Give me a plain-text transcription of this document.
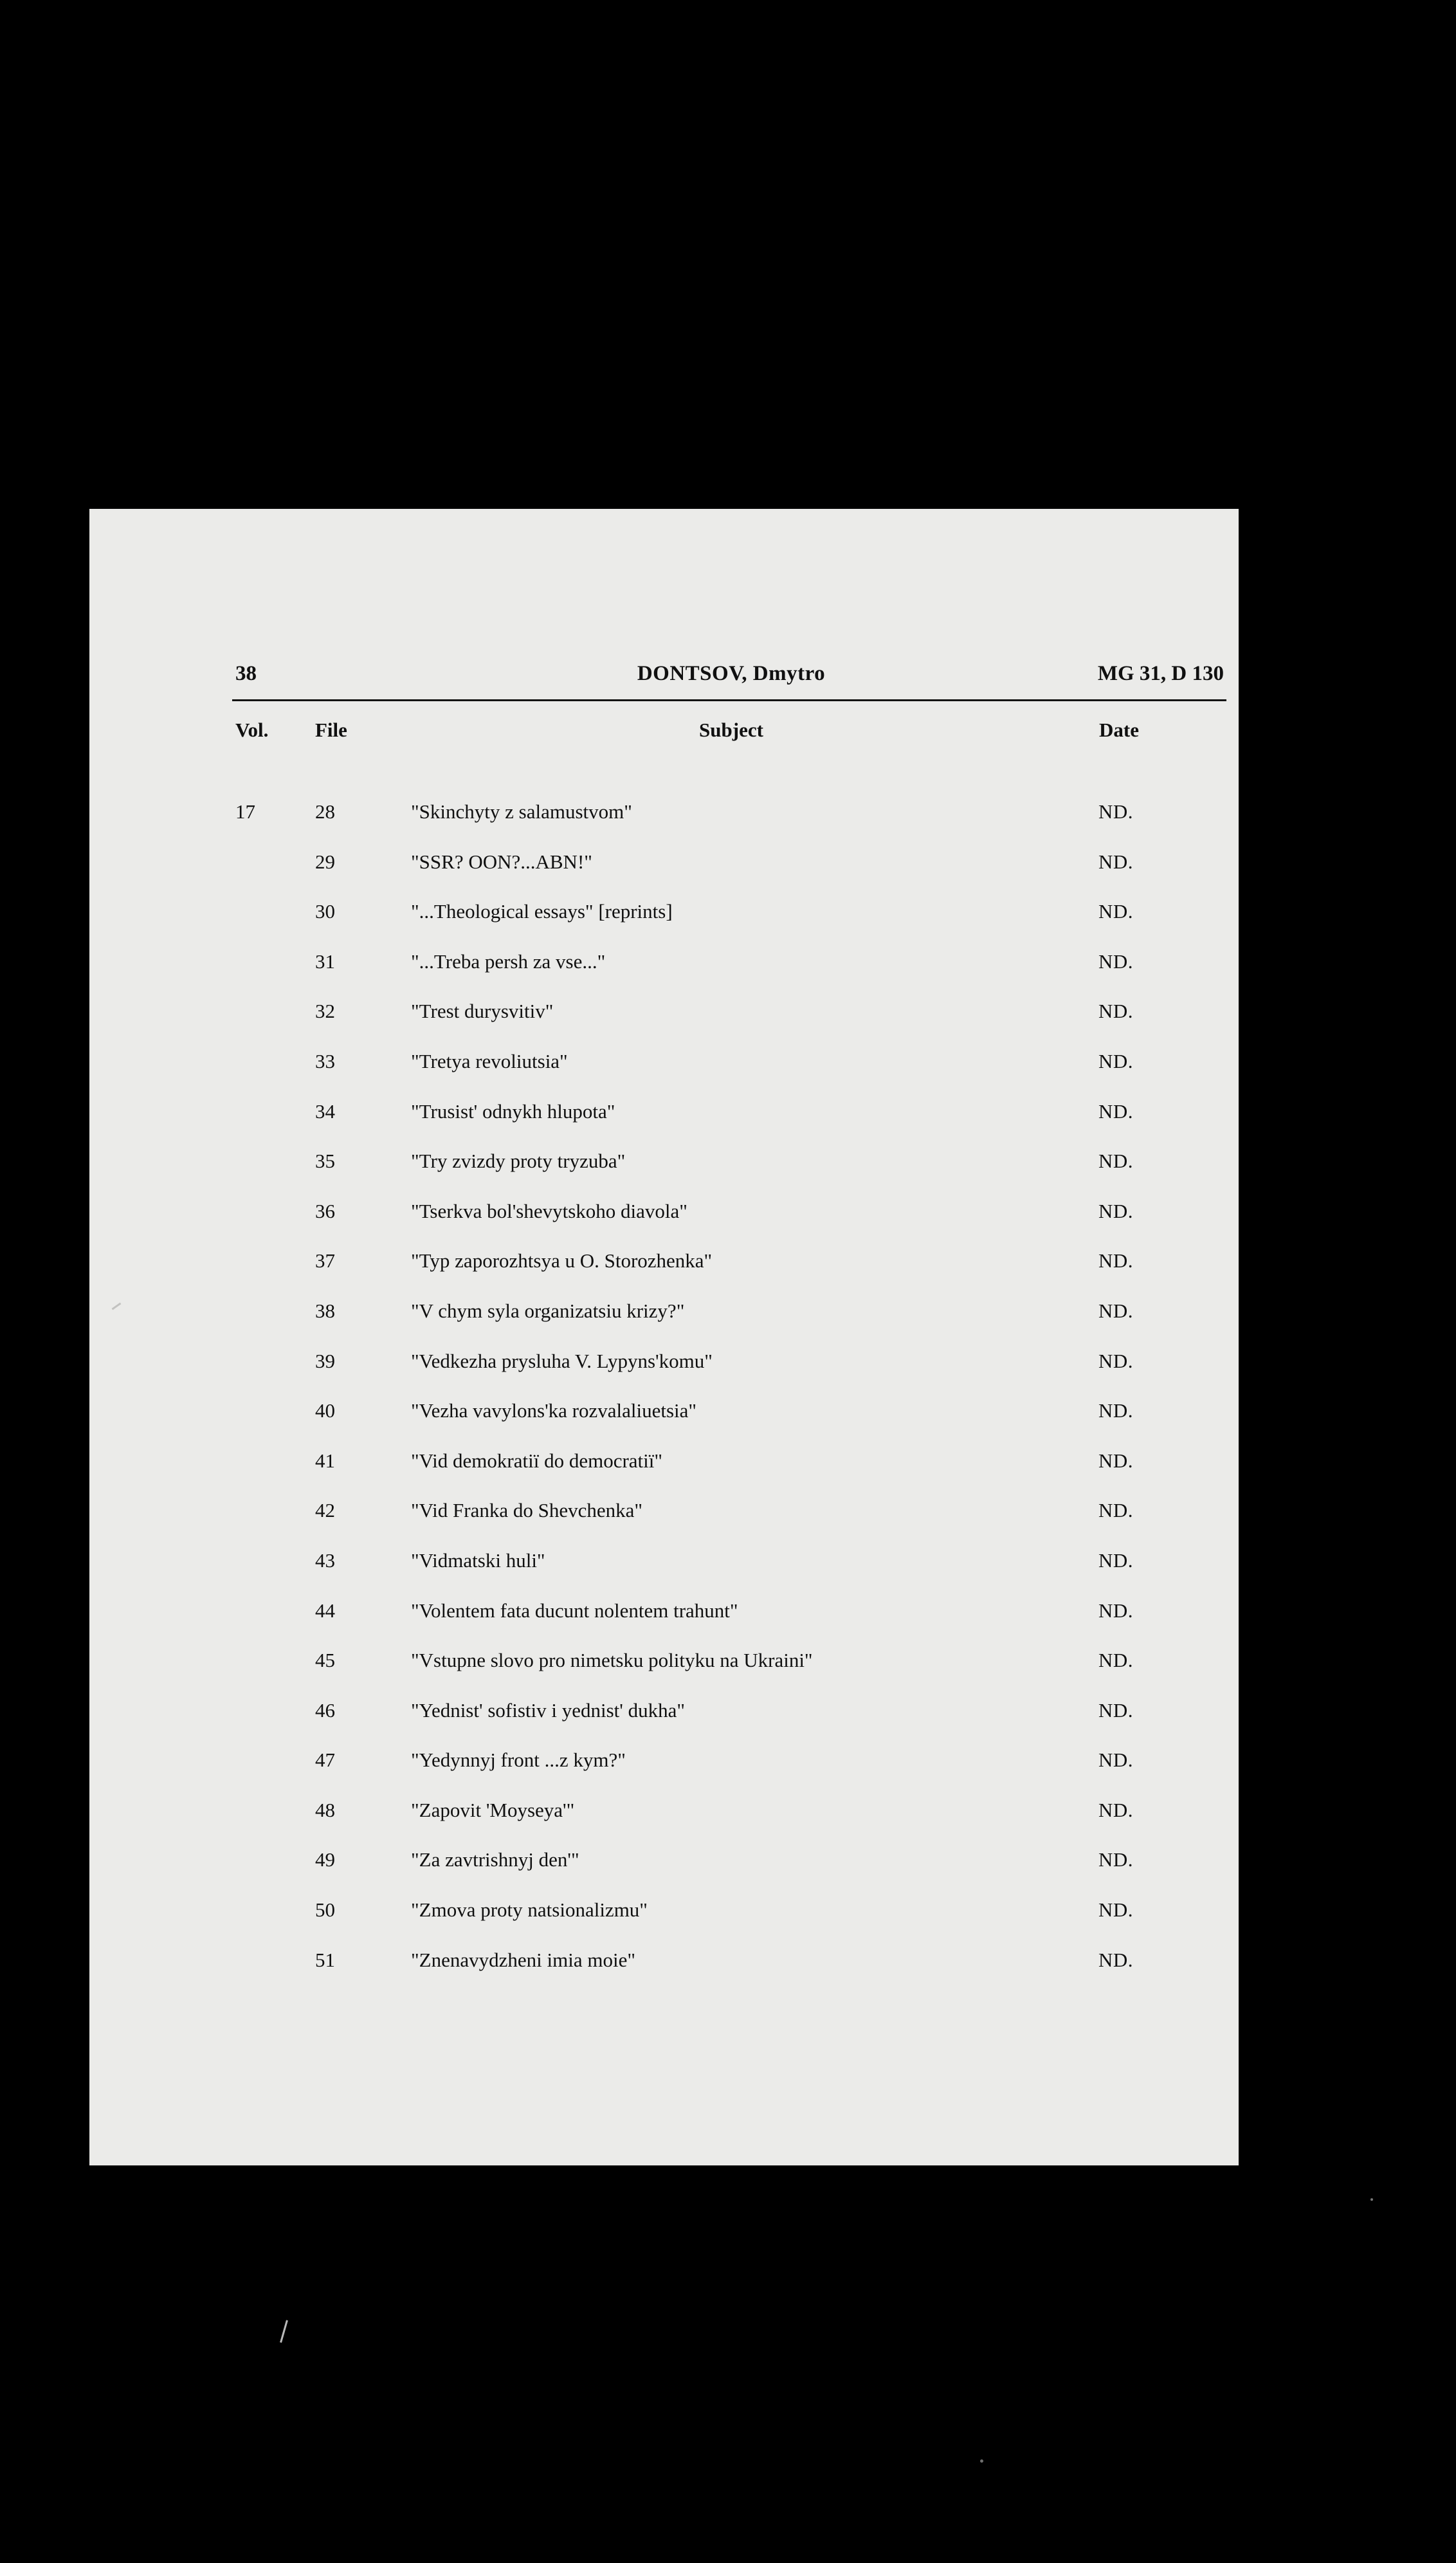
38	DONTSOV, Dmytro	MG 31, D 130
Vol. File	Subject	Date
17	28	"Skinchyty z salamustvom"	ND.
29	"SSR? OON?...ABN!"	ND.
30	"...Theological essays" [reprints]	ND.
31	"...Treba persh za vse..."	ND.
32	"Trest durysvitiv"	ND.
33	"Tretya revoliutsia"	ND.
34	"Trusist' odnykh hlupota"	ND.
35	"Try zvizdy proty tryzuba"	ND.
36	"Tserkva bol'shevytskoho diavola"	ND.
37	"Typ zaporozhtsya u O. Storozhenka"	ND.
38	"V chym syla organizatsiu krizy?"	ND.
39	"Vedkezha prysluha V. Lypyns'komu"	ND.
40	"Vezha vavylons'ka rozvalaliuetsia"	ND.
41	"Vid demokratiï do democratiï"	ND.
42	"Vid Franka do Shevchenka"	ND.
43	"Vidmatski huli"	ND.
44	"Volentem fata ducunt nolentem trahunt"	ND.
45	"Vstupne slovo pro nimetsku polityku na Ukraini"	ND.
46	"Yednist' sofistiv i yednist' dukha"	ND.
47	"Yedynnyj front ...z kym?"	ND.
48	"Zapovit 'Moyseya'"	ND.
49	"Za zavtrishnyj den'"	ND.
50	"Zmova proty natsionalizmu"	ND.
51	"Znenavydzheni imia moie"	ND.
